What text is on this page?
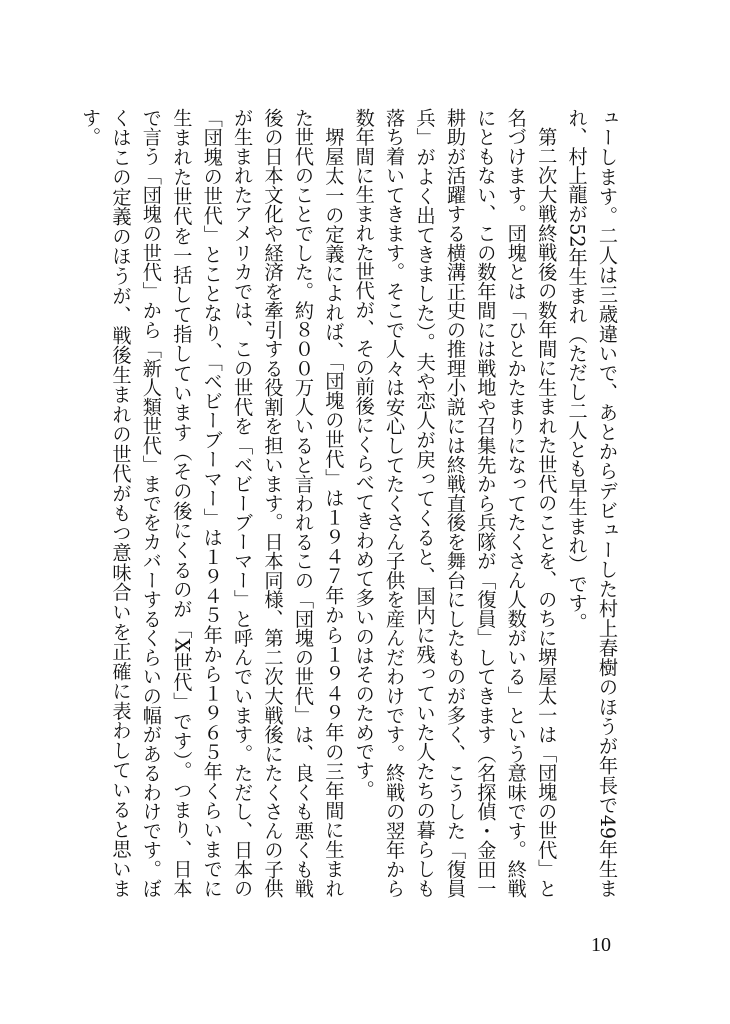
ューします。二人は三歳違いで、あとからデビューした村上春樹のほうが年長で49年生まれ、村上龍が52年生まれ（ただし二人とも早生まれ）です。

第二次大戦終戦後の数年間に生まれた世代のことを、のちに堺屋太一は「団塊の世代」と名づけます。団塊とは「ひとかたまりになってたくさん人数がいる」という意味です。終戦にともない、この数年間には戦地や召集先から兵隊が「復員」してきます（名探偵・金田一耕助が活躍する横溝正史の推理小説には終戦直後を舞台にしたものが多く、こうした「復員兵」がよく出てきました）。夫や恋人が戻ってくると、国内に残っていた人たちの暮らしも落ち着いてきます。そこで人々は安心してたくさん子供を産んだわけです。終戦の翌年から数年間に生まれた世代が、その前後にくらべてきわめて多いのはそのためです。

堺屋太一の定義によれば、「団塊の世代」は１９４７年から１９４９年の三年間に生まれた世代のことでした。約８００万人いると言われるこの「団塊の世代」は、良くも悪くも戦後の日本文化や経済を牽引する役割を担います。日本同様、第二次大戦後にたくさんの子供が生まれたアメリカでは、この世代を「ベビーブーマー」と呼んでいます。ただし、日本の「団塊の世代」とことなり、「ベビーブーマー」は１９４５年から１９６５年くらいまでに生まれた世代を一括して指しています（その後にくるのが「X世代」です）。つまり、日本で言う「団塊の世代」から「新人類世代」までをカバーするくらいの幅があるわけです。ぼくはこの定義のほうが、戦後生まれの世代がもつ意味合いを正確に表わしていると思います。

10
